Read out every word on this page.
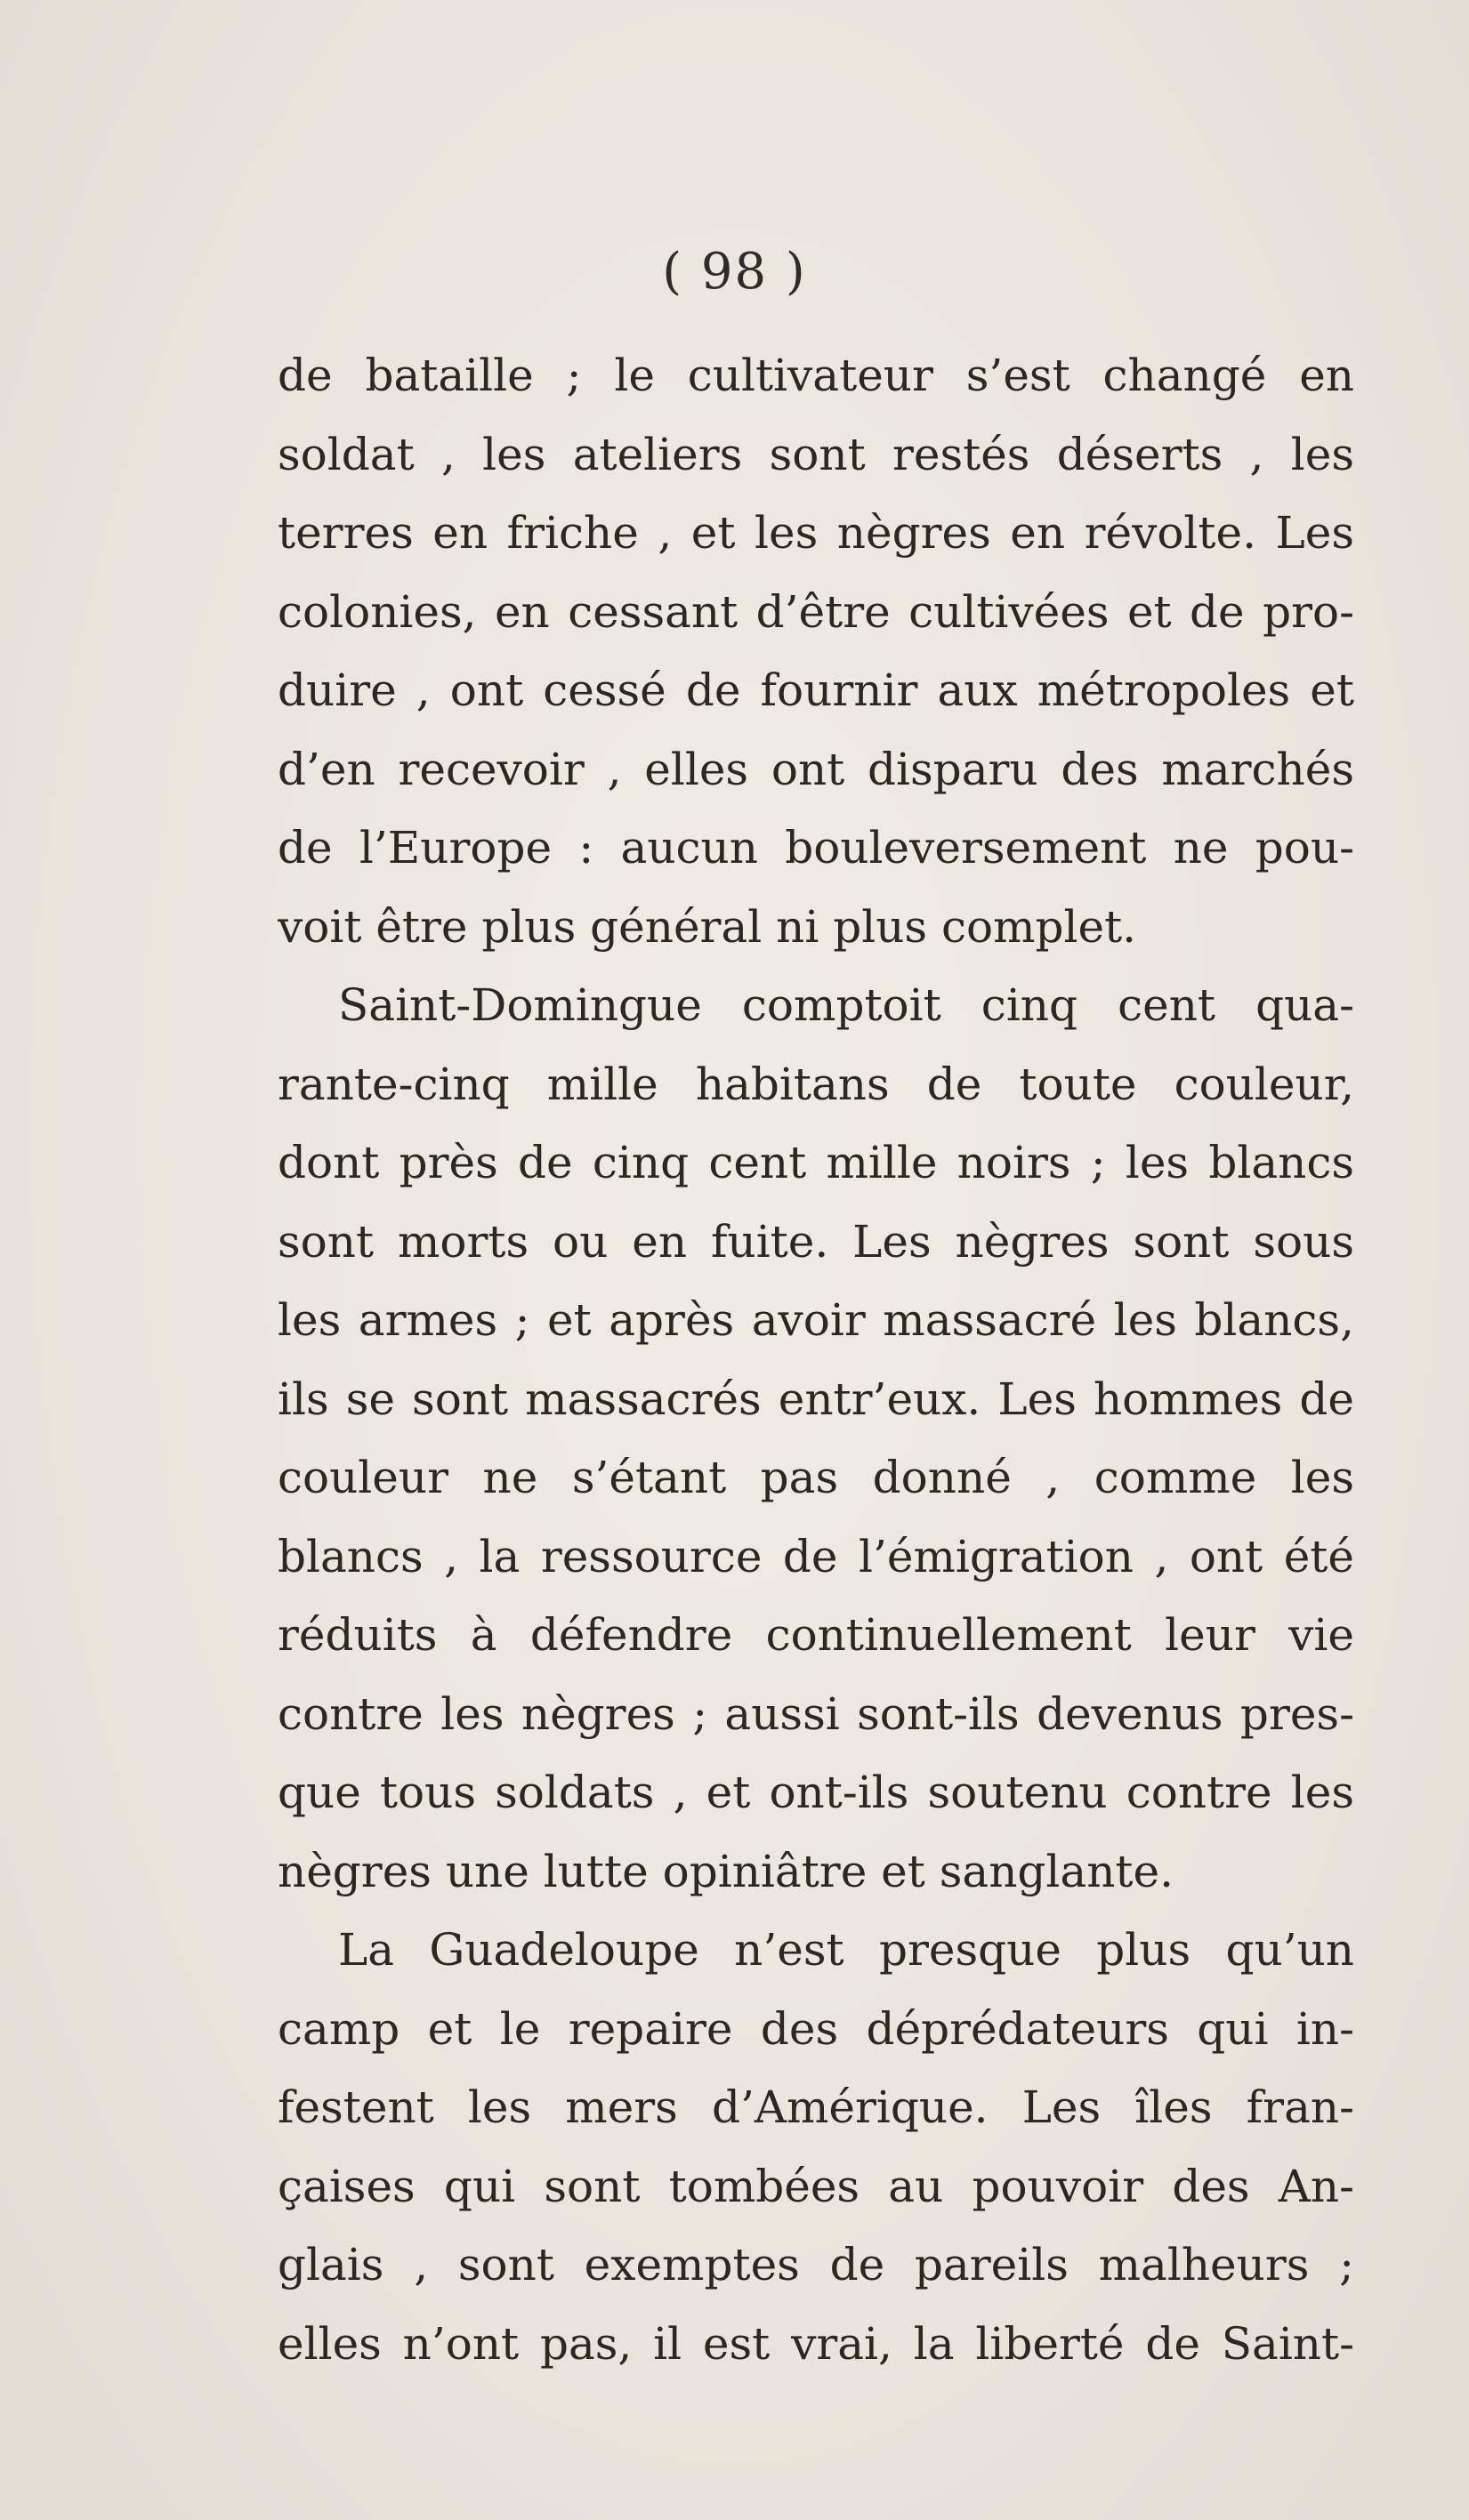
( 98 )
de bataille ; le cultivateur s’est changé en
soldat , les ateliers sont restés déserts , les
terres en friche , et les nègres en révolte. Les
colonies, en cessant d’être cultivées et de pro-
duire , ont cessé de fournir aux métropoles et
d’en recevoir , elles ont disparu des marchés
de l’Europe : aucun bouleversement ne pou-
voit être plus général ni plus complet.
Saint-Domingue comptoit cinq cent qua-
rante-cinq mille habitans de toute couleur,
dont près de cinq cent mille noirs ; les blancs
sont morts ou en fuite. Les nègres sont sous
les armes ; et après avoir massacré les blancs,
ils se sont massacrés entr’eux. Les hommes de
couleur ne s’étant pas donné , comme les
blancs , la ressource de l’émigration , ont été
réduits à défendre continuellement leur vie
contre les nègres ; aussi sont-ils devenus pres-
que tous soldats , et ont-ils soutenu contre les
nègres une lutte opiniâtre et sanglante.
La Guadeloupe n’est presque plus qu’un
camp et le repaire des déprédateurs qui in-
festent les mers d’Amérique. Les îles fran-
çaises qui sont tombées au pouvoir des An-
glais , sont exemptes de pareils malheurs ;
elles n’ont pas, il est vrai, la liberté de Saint-
